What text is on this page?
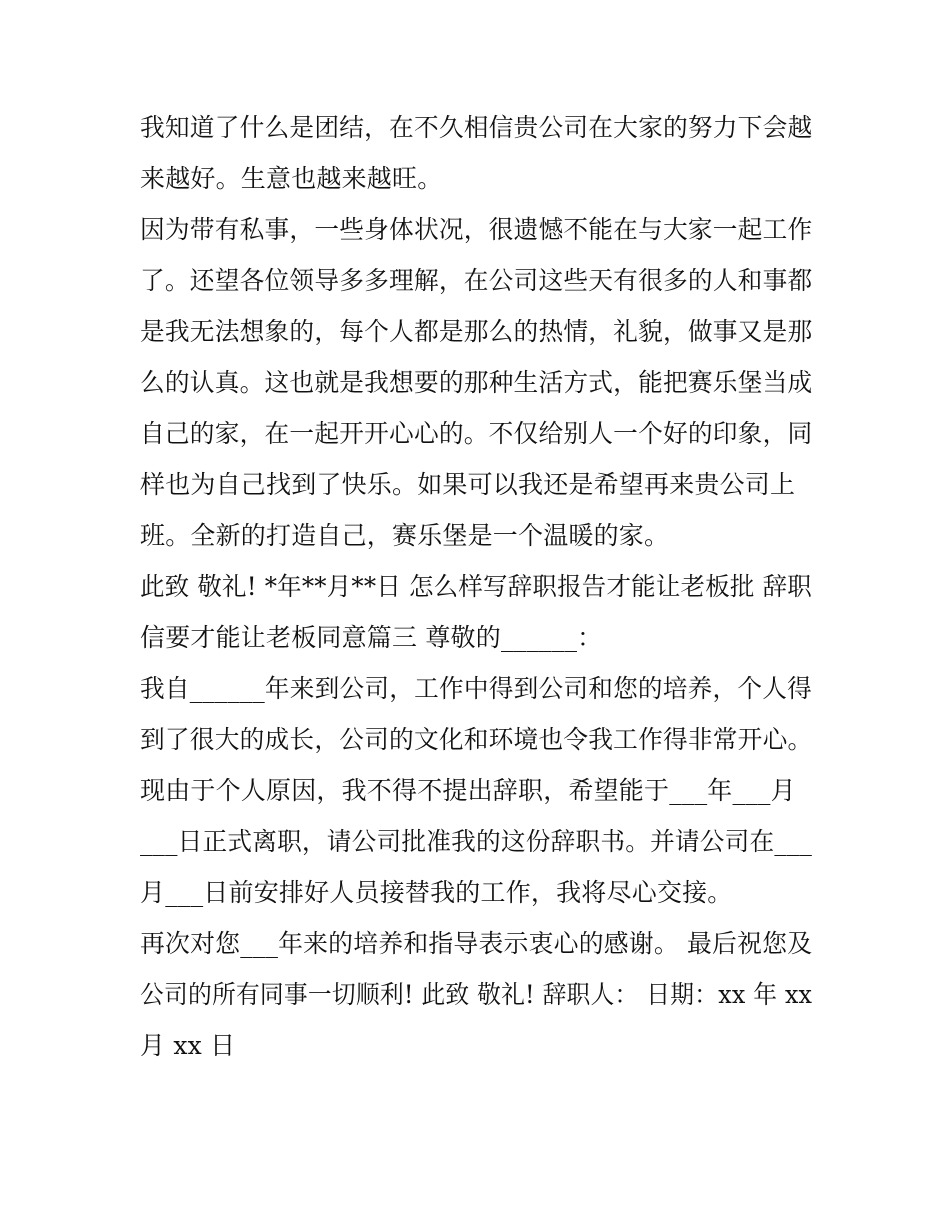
我知道了什么是团结，在不久相信贵公司在大家的努力下会越
来越好。生意也越来越旺。
因为带有私事，一些身体状况，很遗憾不能在与大家一起工作
了。还望各位领导多多理解，在公司这些天有很多的人和事都
是我无法想象的，每个人都是那么的热情，礼貌，做事又是那
么的认真。这也就是我想要的那种生活方式，能把赛乐堡当成
自己的家，在一起开开心心的。不仅给别人一个好的印象，同
样也为自己找到了快乐。如果可以我还是希望再来贵公司上
班。全新的打造自己，赛乐堡是一个温暖的家。
此致 敬礼! *年**月**日 怎么样写辞职报告才能让老板批 辞职
信要才能让老板同意篇三 尊敬的______：
我自______年来到公司，工作中得到公司和您的培养，个人得
到了很大的成长，公司的文化和环境也令我工作得非常开心。
现由于个人原因，我不得不提出辞职，希望能于___年___月
___日正式离职，请公司批准我的这份辞职书。并请公司在___
月___日前安排好人员接替我的工作，我将尽心交接。
再次对您___年来的培养和指导表示衷心的感谢。 最后祝您及
公司的所有同事一切顺利! 此致 敬礼! 辞职人： 日期：xx 年 xx
月 xx 日
